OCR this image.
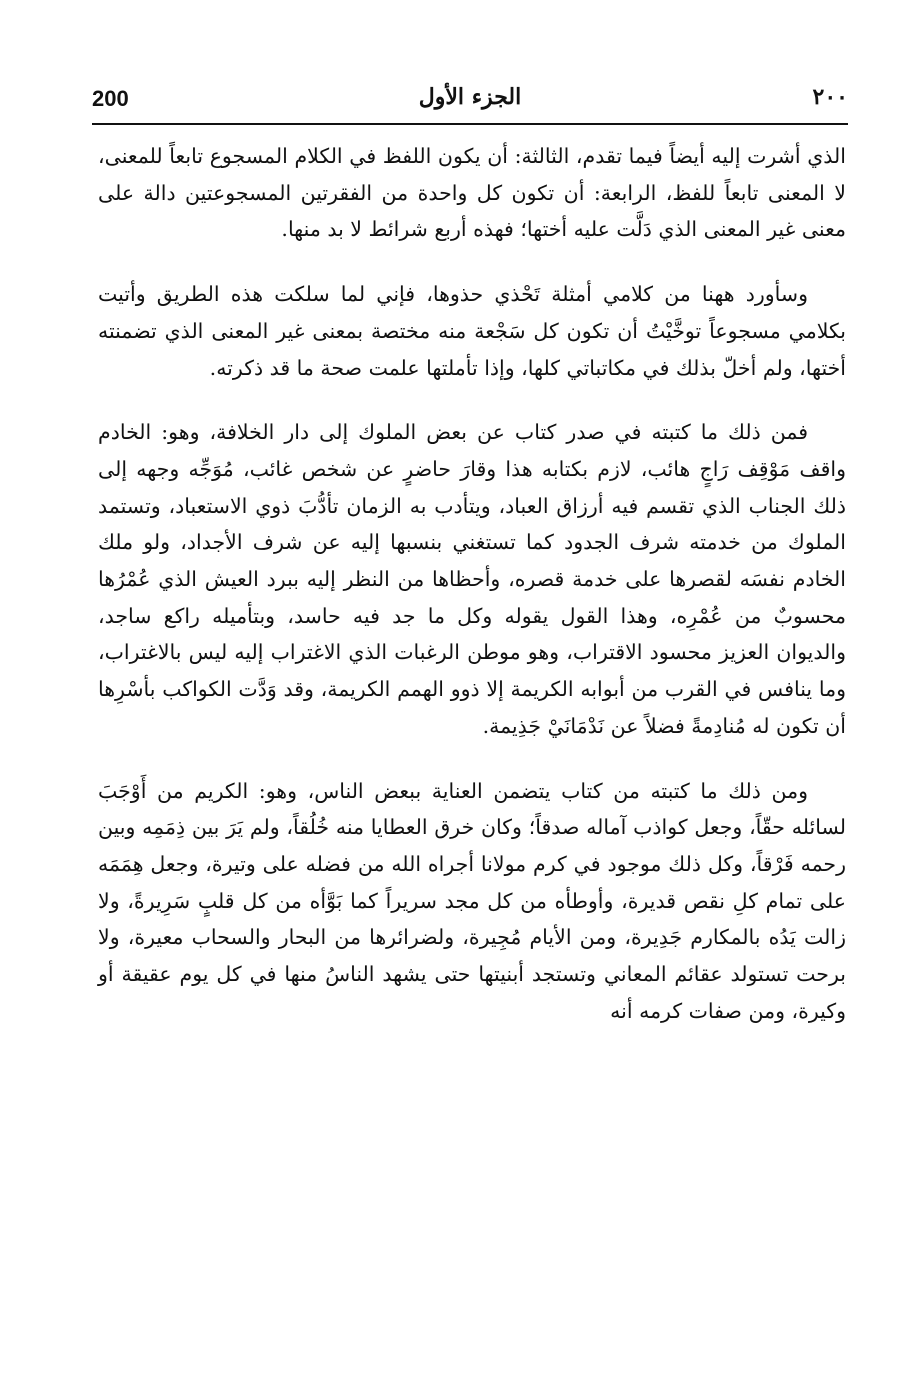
200	الجزء الأول	٢٠٠

الذي أشرت إليه أيضاً فيما تقدم، الثالثة: أن يكون اللفظ في الكلام المسجوع تابعاً للمعنى، لا المعنى تابعاً للفظ، الرابعة: أن تكون كل واحدة من الفقرتين المسجوعتين دالة على معنى غير المعنى الذي دَلَّت عليه أختها؛ فهذه أربع شرائط لا بد منها.

وسأورد ههنا من كلامي أمثلة تَحْذي حذوها، فإني لما سلكت هذه الطريق وأتيت بكلامي مسجوعاً توخَّيْتُ أن تكون كل سَجْعة منه مختصة بمعنى غير المعنى الذي تضمنته أختها، ولم أخلّ بذلك في مكاتباتي كلها، وإذا تأملتها علمت صحة ما قد ذكرته.

فمن ذلك ما كتبته في صدر كتاب عن بعض الملوك إلى دار الخلافة، وهو: الخادم واقف مَوْقِف رَاجٍ هائب، لازم بكتابه هذا وقارَ حاضرٍ عن شخص غائب، مُوَجِّه وجهه إلى ذلك الجناب الذي تقسم فيه أرزاق العباد، ويتأدب به الزمان تأدُّبَ ذوي الاستعباد، وتستمد الملوك من خدمته شرف الجدود كما تستغني بنسبها إليه عن شرف الأجداد، ولو ملك الخادم نفسَه لقصرها على خدمة قصره، وأحظاها من النظر إليه ببرد العيش الذي عُمْرُها محسوبٌ من عُمْرِه، وهذا القول يقوله وكل ما جد فيه حاسد، وبتأميله راكع ساجد، والديوان العزيز محسود الاقتراب، وهو موطن الرغبات الذي الاغتراب إليه ليس بالاغتراب، وما ينافس في القرب من أبوابه الكريمة إلا ذوو الهمم الكريمة، وقد وَدَّت الكواكب بأسْرِها أن تكون له مُنادِمةً فضلاً عن نَدْمَانَيْ جَذِيمة.

ومن ذلك ما كتبته من كتاب يتضمن العناية ببعض الناس، وهو: الكريم من أَوْجَبَ لسائله حقّاً، وجعل كواذب آماله صدقاً؛ وكان خرق العطايا منه خُلُقاً، ولم يَرَ بين ذِمَمِه وبين رحمه فَرْقاً، وكل ذلك موجود في كرم مولانا أجراه الله من فضله على وتيرة، وجعل هِمَمَه على تمام كلِ نقص قديرة، وأوطأه من كل مجد سريراً كما بَوَّأه من كل قلبٍ سَرِيرةً، ولا زالت يَدُه بالمكارم جَدِيرة، ومن الأيام مُجِيرة، ولضرائرها من البحار والسحاب معيرة، ولا برحت تستولد عقائم المعاني وتستجد أبنيتها حتى يشهد الناسُ منها في كل يوم عقيقة أو وكيرة، ومن صفات كرمه أنه
